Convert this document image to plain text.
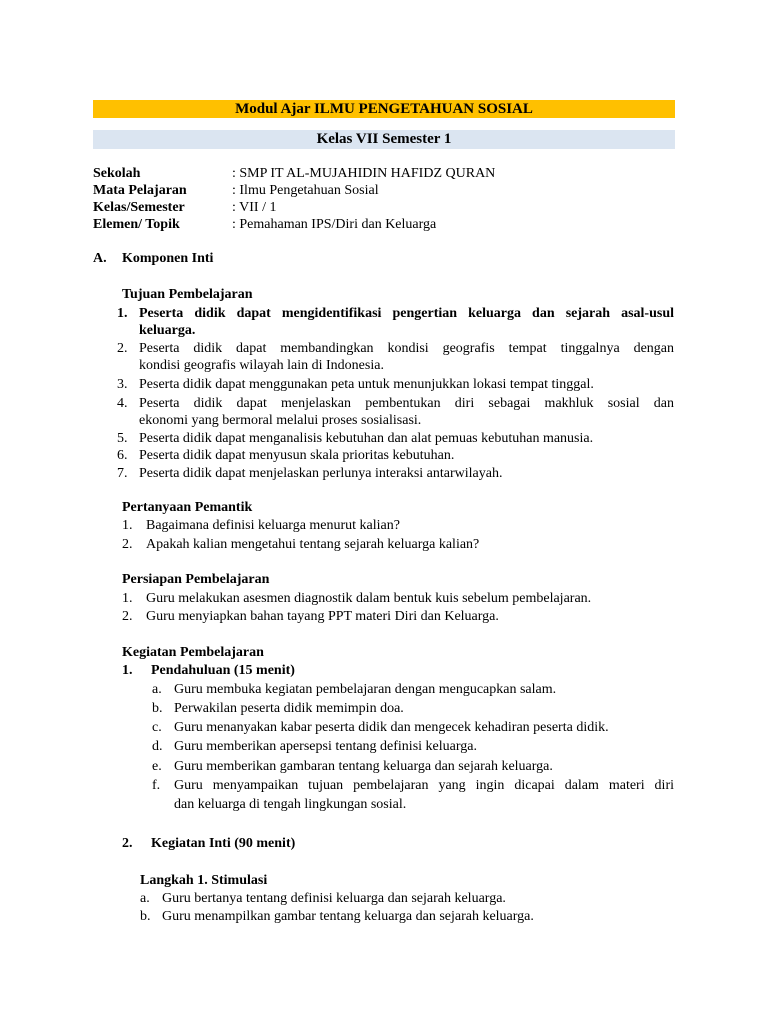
Modul Ajar ILMU PENGETAHUAN SOSIAL
Kelas VII Semester 1
Sekolah	: SMP IT AL-MUJAHIDIN HAFIDZ QURAN
Mata Pelajaran	: Ilmu Pengetahuan Sosial
Kelas/Semester	: VII / 1
Elemen/ Topik	: Pemahaman IPS/Diri dan Keluarga
A. Komponen Inti
Tujuan Pembelajaran
1. Peserta didik dapat mengidentifikasi pengertian keluarga dan sejarah asal-usul
keluarga.
2. Peserta didik dapat membandingkan kondisi geografis tempat tinggalnya dengan
kondisi geografis wilayah lain di Indonesia.
3. Peserta didik dapat menggunakan peta untuk menunjukkan lokasi tempat tinggal.
4. Peserta didik dapat menjelaskan pembentukan diri sebagai makhluk sosial dan
ekonomi yang bermoral melalui proses sosialisasi.
5. Peserta didik dapat menganalisis kebutuhan dan alat pemuas kebutuhan manusia.
6. Peserta didik dapat menyusun skala prioritas kebutuhan.
7. Peserta didik dapat menjelaskan perlunya interaksi antarwilayah.
Pertanyaan Pemantik
1. Bagaimana definisi keluarga menurut kalian?
2. Apakah kalian mengetahui tentang sejarah keluarga kalian?
Persiapan Pembelajaran
1. Guru melakukan asesmen diagnostik dalam bentuk kuis sebelum pembelajaran.
2. Guru menyiapkan bahan tayang PPT materi Diri dan Keluarga.
Kegiatan Pembelajaran
1. Pendahuluan (15 menit)
a. Guru membuka kegiatan pembelajaran dengan mengucapkan salam.
b. Perwakilan peserta didik memimpin doa.
c. Guru menanyakan kabar peserta didik dan mengecek kehadiran peserta didik.
d. Guru memberikan apersepsi tentang definisi keluarga.
e. Guru memberikan gambaran tentang keluarga dan sejarah keluarga.
f. Guru menyampaikan tujuan pembelajaran yang ingin dicapai dalam materi diri
dan keluarga di tengah lingkungan sosial.
2. Kegiatan Inti (90 menit)
Langkah 1. Stimulasi
a. Guru bertanya tentang definisi keluarga dan sejarah keluarga.
b. Guru menampilkan gambar tentang keluarga dan sejarah keluarga.
